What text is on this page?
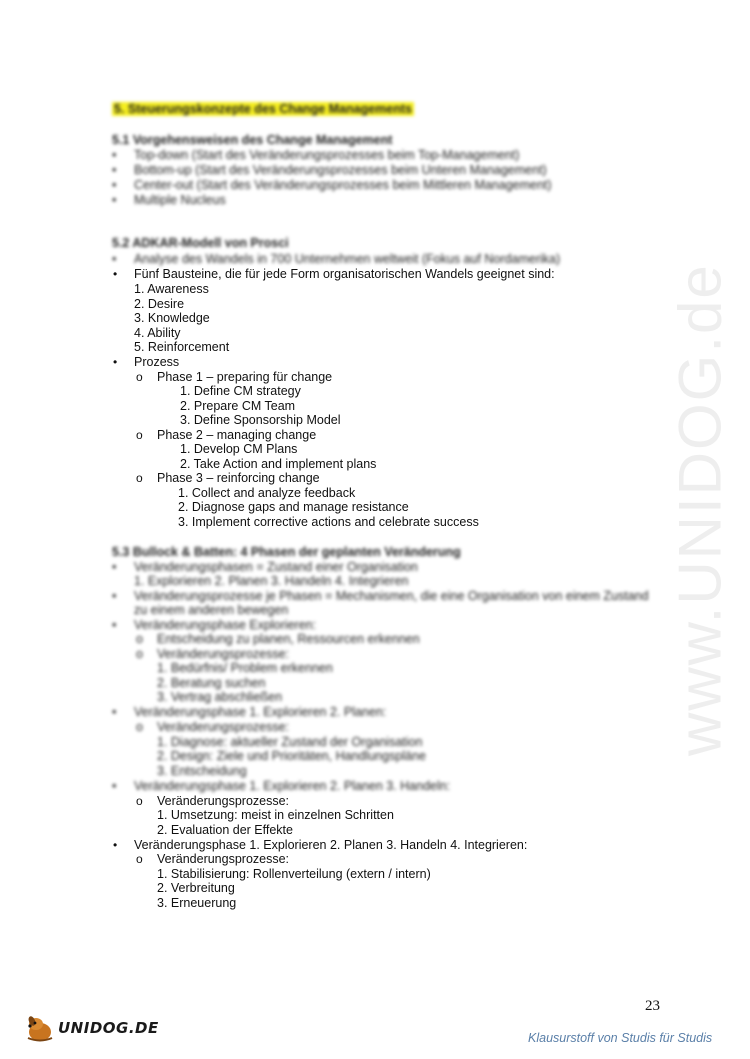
www.UNIDOG.de
5. Steuerungskonzepte des Change Managements
5.1 Vorgehensweisen des Change Management
• Top-down (Start des Veränderungsprozesses beim Top-Management)
• Bottom-up (Start des Veränderungsprozesses beim Unteren Management)
• Center-out (Start des Veränderungsprozesses beim Mittleren Management)
• Multiple Nucleus
5.2 ADKAR-Modell von Prosci
• Analyse des Wandels in 700 Unternehmen weltweit (Fokus auf Nordamerika)
• Fünf Bausteine, die für jede Form organisatorischen Wandels geeignet sind:
1. Awareness
2. Desire
3. Knowledge
4. Ability
5. Reinforcement
• Prozess
o Phase 1 – preparing für change
1. Define CM strategy
2. Prepare CM Team
3. Define Sponsorship Model
o Phase 2 – managing change
1. Develop CM Plans
2. Take Action and implement plans
o Phase 3 – reinforcing change
1. Collect and analyze feedback
2. Diagnose gaps and manage resistance
3. Implement corrective actions and celebrate success
5.3 Bullock & Batten: 4 Phasen der geplanten Veränderung
• Veränderungsphasen = Zustand einer Organisation
1. Explorieren 2. Planen 3. Handeln 4. Integrieren
• Veränderungsprozesse je Phasen = Mechanismen, die eine Organisation von einem Zustand
zu einem anderen bewegen
• Veränderungsphase Explorieren:
o Entscheidung zu planen, Ressourcen erkennen
o Veränderungsprozesse:
1. Bedürfnis/ Problem erkennen
2. Beratung suchen
3. Vertrag abschließen
• Veränderungsphase 1. Explorieren 2. Planen:
o Veränderungsprozesse:
1. Diagnose: aktueller Zustand der Organisation
2. Design: Ziele und Prioritäten, Handlungspläne
3. Entscheidung
• Veränderungsphase 1. Explorieren 2. Planen 3. Handeln:
o Veränderungsprozesse:
1. Umsetzung: meist in einzelnen Schritten
2. Evaluation der Effekte
• Veränderungsphase 1. Explorieren 2. Planen 3. Handeln 4. Integrieren:
o Veränderungsprozesse:
1. Stabilisierung: Rollenverteilung (extern / intern)
2. Verbreitung
3. Erneuerung
23
UNIDOG.DE
Klausurstoff von Studis für Studis
